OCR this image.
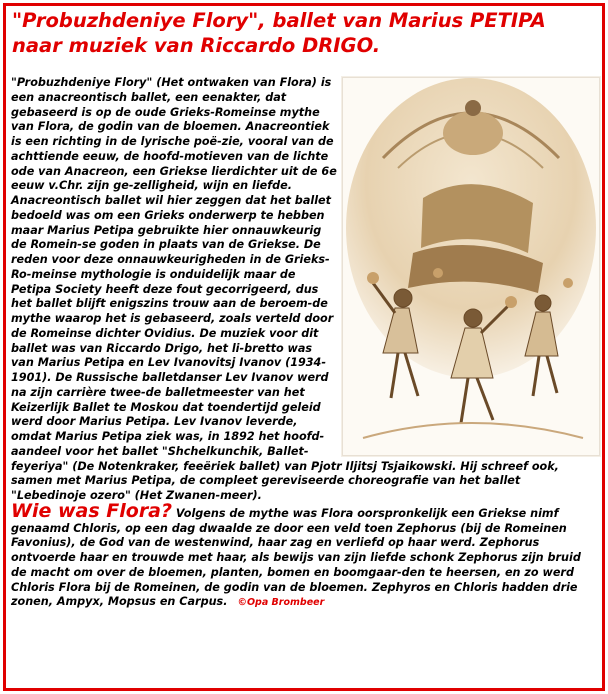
"Probuzhdeniye Flory", ballet van Marius PETIPA
naar muziek van Riccardo DRIGO.
"Probuzhdeniye Flory" (Het ontwaken van Flora) is een anacreontisch ballet, een eenakter, dat gebaseerd is op de oude Grieks-Romeinse mythe van Flora, de godin van de bloemen. Anacreontiek is een richting in de lyrische poë-zie, vooral van de achttiende eeuw, de hoofd-motieven van de lichte ode van Anacreon, een Griekse lierdichter uit de 6e eeuw v.Chr. zijn ge-zelligheid, wijn en liefde. Anacreontisch ballet wil hier zeggen dat het ballet bedoeld was om een Grieks onderwerp te hebben maar Marius Petipa gebruikte hier onnauwkeurig de Romein-se goden in plaats van de Griekse. De reden voor deze onnauwkeurigheden in de Grieks-Ro-meinse mythologie is onduidelijk maar de Petipa Society heeft deze fout gecorrigeerd, dus het ballet blijft enigszins trouw aan de beroem-de mythe waarop het is gebaseerd, zoals verteld door de Romeinse dichter Ovidius. De muziek voor dit ballet was van Riccardo Drigo, het li-bretto was van Marius Petipa en Lev Ivanovitsj Ivanov (1934-1901). De Russische balletdanser Lev Ivanov werd na zijn carrière twee-de balletmeester van het Keizerlijk Ballet te Moskou dat toendertijd geleid werd door Marius Petipa. Lev Ivanov leverde, omdat Marius Petipa ziek was, in 1892 het hoofd-aandeel voor het ballet "Shchelkunchik, Ballet-feyeriya" (De Notenkraker, feeëriek ballet) van Pjotr Iljitsj Tsjaikowski. Hij schreef ook, samen met Marius Petipa, de compleet gereviseerde choreografie van het ballet "Lebedinoje ozero" (Het Zwanen-meer).
Wie was Flora? Volgens de mythe was Flora oorspronkelijk een Griekse nimf genaamd Chloris, op een dag dwaalde ze door een veld toen Zephorus (bij de Romeinen Favonius), de God van de westenwind, haar zag en verliefd op haar werd. Zephorus ontvoerde haar en trouwde met haar, als bewijs van zijn liefde schonk Zephorus zijn bruid de macht om over de bloemen, planten, bomen en boomgaar-den te heersen, en zo werd Chloris Flora bij de Romeinen, de godin van de bloemen. Zephyros en Chloris hadden drie zonen, Ampyx, Mopsus en Carpus. ©Opa Brombeer
